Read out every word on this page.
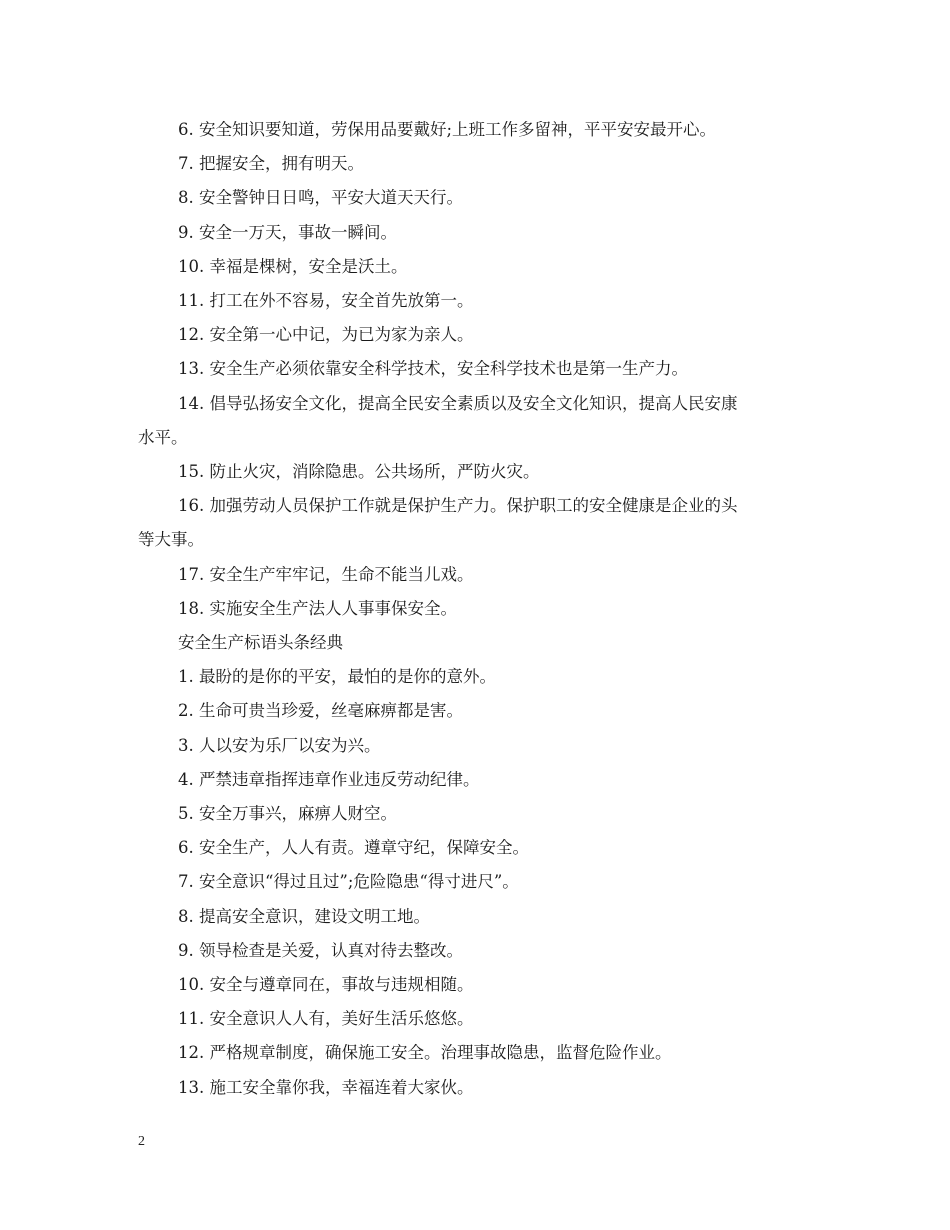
6. 安全知识要知道，劳保用品要戴好;上班工作多留神，平平安安最开心。

7. 把握安全，拥有明天。

8. 安全警钟日日鸣，平安大道天天行。

9. 安全一万天，事故一瞬间。

10. 幸福是棵树，安全是沃土。

11. 打工在外不容易，安全首先放第一。

12. 安全第一心中记，为已为家为亲人。

13. 安全生产必须依靠安全科学技术，安全科学技术也是第一生产力。

14. 倡导弘扬安全文化，提高全民安全素质以及安全文化知识，提高人民安康

水平。

15. 防止火灾，消除隐患。公共场所，严防火灾。

16. 加强劳动人员保护工作就是保护生产力。保护职工的安全健康是企业的头

等大事。

17. 安全生产牢牢记，生命不能当儿戏。

18. 实施安全生产法人人事事保安全。

安全生产标语头条经典

1. 最盼的是你的平安，最怕的是你的意外。

2. 生命可贵当珍爱，丝毫麻痹都是害。

3. 人以安为乐厂以安为兴。

4. 严禁违章指挥违章作业违反劳动纪律。

5. 安全万事兴，麻痹人财空。

6. 安全生产，人人有责。遵章守纪，保障安全。

7. 安全意识“得过且过”;危险隐患“得寸进尺”。

8. 提高安全意识，建设文明工地。

9. 领导检查是关爱，认真对待去整改。

10. 安全与遵章同在，事故与违规相随。

11. 安全意识人人有，美好生活乐悠悠。

12. 严格规章制度，确保施工安全。治理事故隐患，监督危险作业。

13. 施工安全靠你我，幸福连着大家伙。

2
